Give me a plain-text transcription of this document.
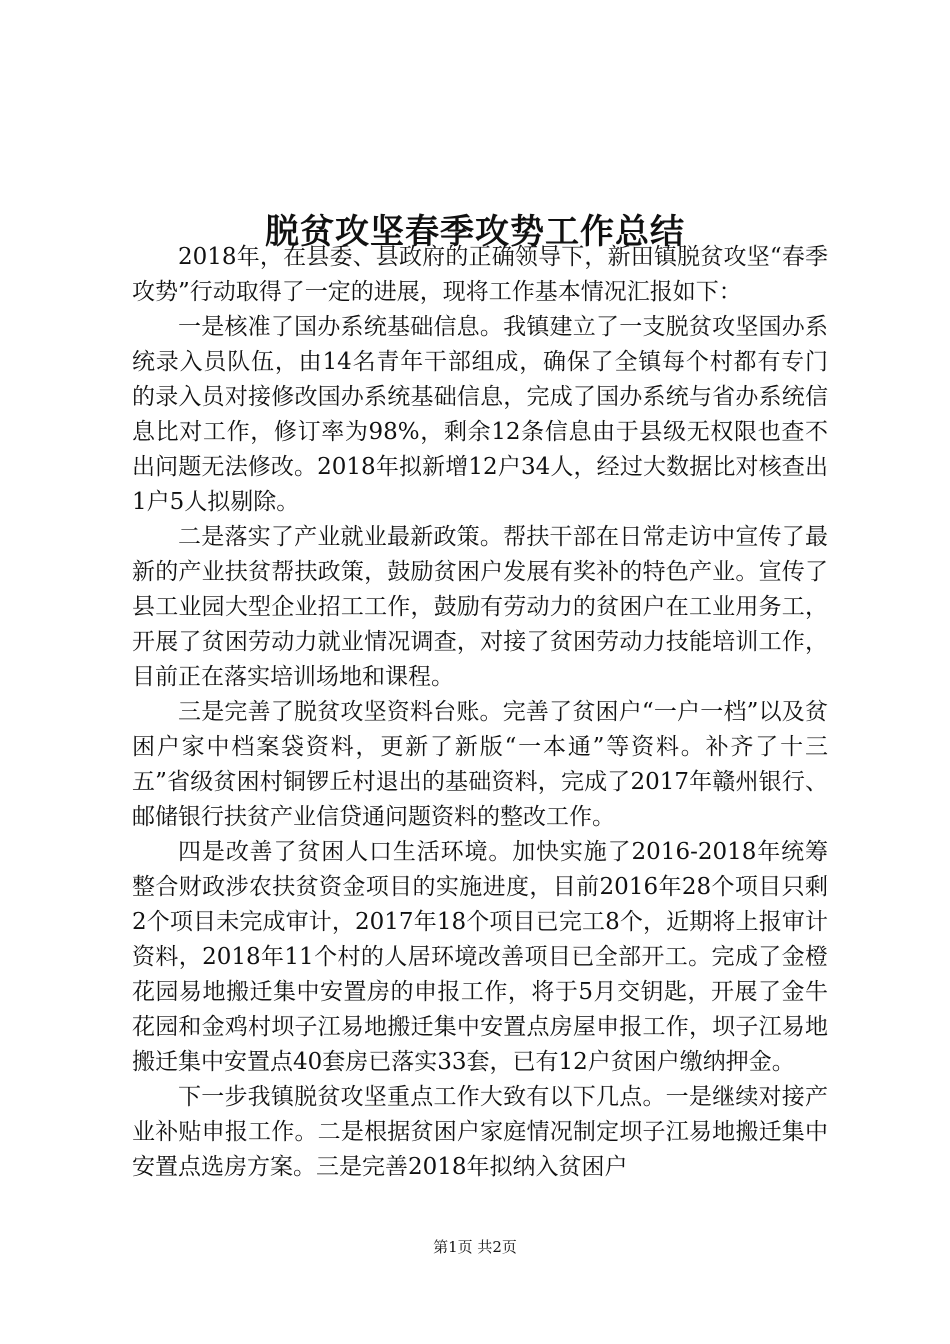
脱贫攻坚春季攻势工作总结

2018年，在县委、县政府的正确领导下，新田镇脱贫攻坚“春季攻势”行动取得了一定的进展，现将工作基本情况汇报如下：

一是核准了国办系统基础信息。我镇建立了一支脱贫攻坚国办系统录入员队伍，由14名青年干部组成，确保了全镇每个村都有专门的录入员对接修改国办系统基础信息，完成了国办系统与省办系统信息比对工作，修订率为98%，剩余12条信息由于县级无权限也查不出问题无法修改。2018年拟新增12户34人，经过大数据比对核查出1户5人拟剔除。

二是落实了产业就业最新政策。帮扶干部在日常走访中宣传了最新的产业扶贫帮扶政策，鼓励贫困户发展有奖补的特色产业。宣传了县工业园大型企业招工工作，鼓励有劳动力的贫困户在工业用务工，开展了贫困劳动力就业情况调查，对接了贫困劳动力技能培训工作，目前正在落实培训场地和课程。

三是完善了脱贫攻坚资料台账。完善了贫困户“一户一档”以及贫困户家中档案袋资料，更新了新版“一本通”等资料。补齐了十三五”省级贫困村铜锣丘村退出的基础资料，完成了2017年赣州银行、邮储银行扶贫产业信贷通问题资料的整改工作。

四是改善了贫困人口生活环境。加快实施了2016-2018年统筹整合财政涉农扶贫资金项目的实施进度，目前2016年28个项目只剩2个项目未完成审计，2017年18个项目已完工8个，近期将上报审计资料，2018年11个村的人居环境改善项目已全部开工。完成了金橙花园易地搬迁集中安置房的申报工作，将于5月交钥匙，开展了金牛花园和金鸡村坝子江易地搬迁集中安置点房屋申报工作，坝子江易地搬迁集中安置点40套房已落实33套，已有12户贫困户缴纳押金。

下一步我镇脱贫攻坚重点工作大致有以下几点。一是继续对接产业补贴申报工作。二是根据贫困户家庭情况制定坝子江易地搬迁集中安置点选房方案。三是完善2018年拟纳入贫困户

第1页 共2页
